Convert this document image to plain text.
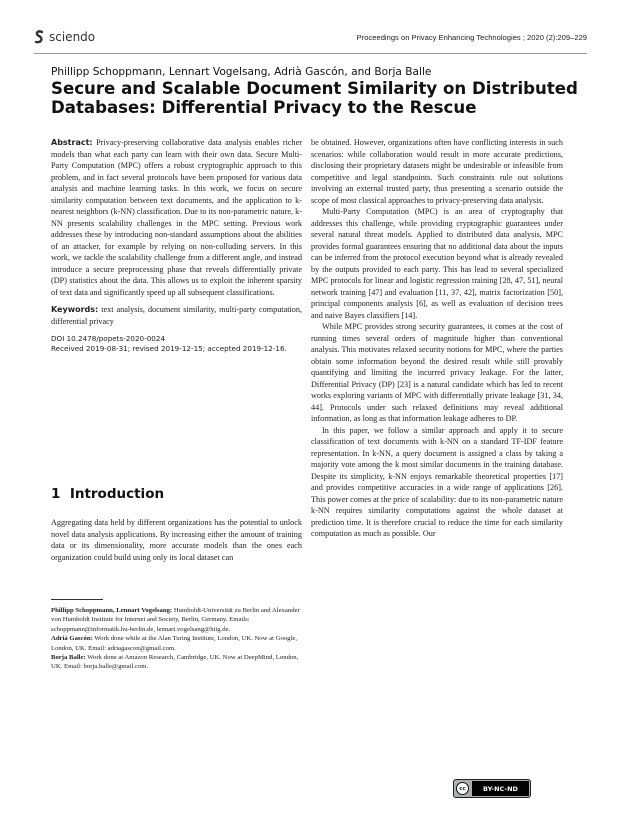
sciendo	Proceedings on Privacy Enhancing Technologies ; 2020 (2):209–229
Phillipp Schoppmann, Lennart Vogelsang, Adrià Gascón, and Borja Balle
Secure and Scalable Document Similarity on Distributed Databases: Differential Privacy to the Rescue

Abstract: Privacy-preserving collaborative data analysis enables richer models than what each party can learn with their own data. Secure Multi-Party Computation (MPC) offers a robust cryptographic approach to this problem, and in fact several protocols have been proposed for various data analysis and machine learning tasks. In this work, we focus on secure similarity computation between text documents, and the application to k-nearest neighbors (k-NN) classification. Due to its non-parametric nature, k-NN presents scalability challenges in the MPC setting. Previous work addresses these by introducing non-standard assumptions about the abilities of an attacker, for example by relying on non-colluding servers. In this work, we tackle the scalability challenge from a different angle, and instead introduce a secure preprocessing phase that reveals differentially private (DP) statistics about the data. This allows us to exploit the inherent sparsity of text data and significantly speed up all subsequent classifications.

Keywords: text analysis, document similarity, multi-party computation, differential privacy

DOI 10.2478/popets-2020-0024
Received 2019-08-31; revised 2019-12-15; accepted 2019-12-16.
1 Introduction
Aggregating data held by different organizations has the potential to unlock novel data analysis applications. By increasing either the amount of training data or its dimensionality, more accurate models than the ones each organization could build using only its local dataset can
Phillipp Schoppmann, Lennart Vogelsang: Humboldt-Universität zu Berlin and Alexander von Humboldt Institute for Internet and Society, Berlin, Germany. Emails: schoppmann@informatik.hu-berlin.de, lennart.vogelsang@hiig.de.
Adrià Gascón: Work done while at the Alan Turing Institute, London, UK. Now at Google, London, UK. Email: adriagascon@gmail.com.
Borja Balle: Work done at Amazon Research, Cambridge, UK. Now at DeepMind, London, UK. Email: borja.balle@gmail.com.

be obtained. However, organizations often have conflicting interests in such scenarios: while collaboration would result in more accurate predictions, disclosing their proprietary datasets might be undesirable or infeasible from competitive and legal standpoints. Such constraints rule out solutions involving an external trusted party, thus presenting a scenario outside the scope of most classical approaches to privacy-preserving data analysis.

Multi-Party Computation (MPC) is an area of cryptography that addresses this challenge, while providing cryptographic guarantees under several natural threat models. Applied to distributed data analysis, MPC provides formal guarantees ensuring that no additional data about the inputs can be inferred from the protocol execution beyond what is already revealed by the outputs provided to each party. This has lead to several specialized MPC protocols for linear and logistic regression training [28, 47, 51], neural network training [47] and evaluation [11, 37, 42], matrix factorization [50], principal components analysis [6], as well as evaluation of decision trees and naive Bayes classifiers [14].

While MPC provides strong security guarantees, it comes at the cost of running times several orders of magnitude higher than conventional analysis. This motivates relaxed security notions for MPC, where the parties obtain some information beyond the desired result while still provably quantifying and limiting the incurred privacy leakage. For the latter, Differential Privacy (DP) [23] is a natural candidate which has led to recent works exploring variants of MPC with differentially private leakage [31, 34, 44]. Protocols under such relaxed definitions may reveal additional information, as long as that information leakage adheres to DP.

In this paper, we follow a similar approach and apply it to secure classification of text documents with k-NN on a standard TF-IDF feature representation. In k-NN, a query document is assigned a class by taking a majority vote among the k most similar documents in the training database. Despite its simplicity, k-NN enjoys remarkable theoretical properties [17] and provides competitive accuracies in a wide range of applications [26]. This power comes at the price of scalability: due to its non-parametric nature k-NN requires similarity computations against the whole dataset at prediction time. It is therefore crucial to reduce the time for each similarity computation as much as possible. Our

cc	BY-NC-ND
